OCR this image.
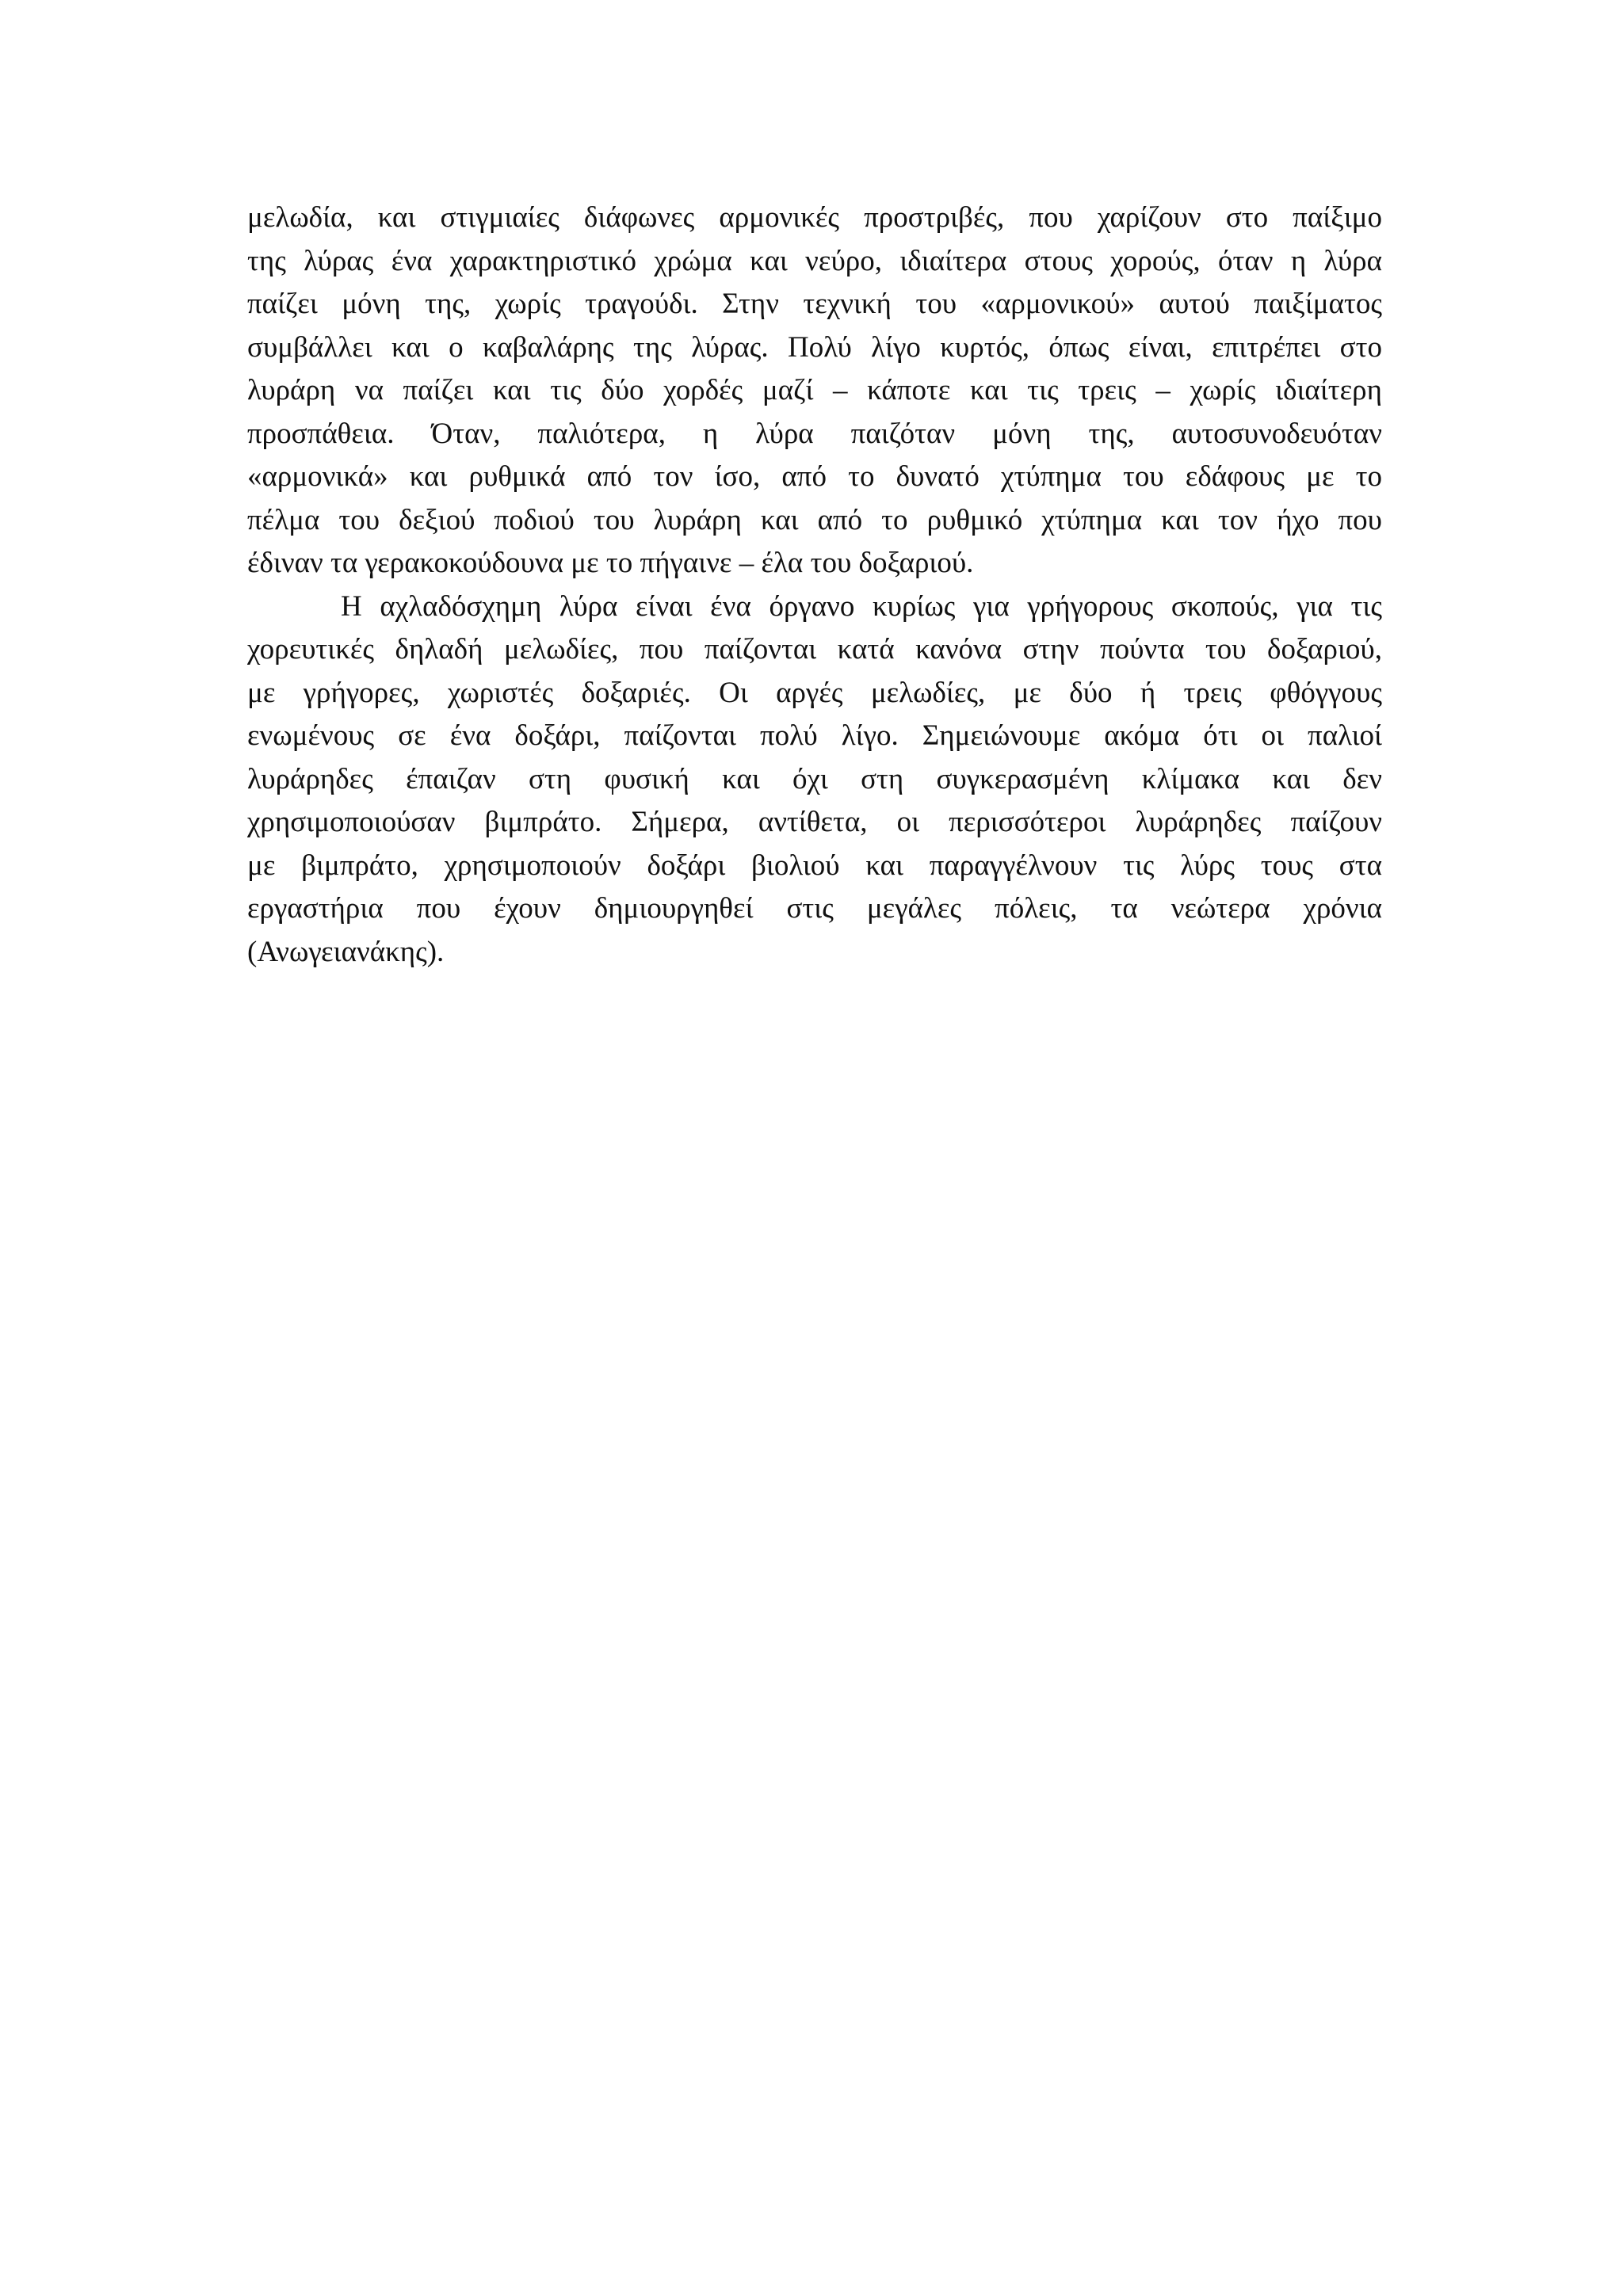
μελωδία, και στιγμιαίες διάφωνες αρμονικές προστριβές, που χαρίζουν στο παίξιμο
της λύρας ένα χαρακτηριστικό χρώμα και νεύρο, ιδιαίτερα στους χορούς, όταν η λύρα
παίζει μόνη της, χωρίς τραγούδι. Στην τεχνική του «αρμονικού» αυτού παιξίματος
συμβάλλει και ο καβαλάρης της λύρας. Πολύ λίγο κυρτός, όπως είναι, επιτρέπει στο
λυράρη να παίζει και τις δύο χορδές μαζί – κάποτε και τις τρεις – χωρίς ιδιαίτερη
προσπάθεια. Όταν, παλιότερα, η λύρα παιζόταν μόνη της, αυτοσυνοδευόταν
«αρμονικά» και ρυθμικά από τον ίσο, από το δυνατό χτύπημα του εδάφους με το
πέλμα του δεξιού ποδιού του λυράρη και από το ρυθμικό χτύπημα και τον ήχο που
έδιναν τα γερακοκούδουνα με το πήγαινε – έλα του δοξαριού.
Η αχλαδόσχημη λύρα είναι ένα όργανο κυρίως για γρήγορους σκοπούς, για τις
χορευτικές δηλαδή μελωδίες, που παίζονται κατά κανόνα στην πούντα του δοξαριού,
με γρήγορες, χωριστές δοξαριές. Οι αργές μελωδίες, με δύο ή τρεις φθόγγους
ενωμένους σε ένα δοξάρι, παίζονται πολύ λίγο. Σημειώνουμε ακόμα ότι οι παλιοί
λυράρηδες έπαιζαν στη φυσική και όχι στη συγκερασμένη κλίμακα και δεν
χρησιμοποιούσαν βιμπράτο. Σήμερα, αντίθετα, οι περισσότεροι λυράρηδες παίζουν
με βιμπράτο, χρησιμοποιούν δοξάρι βιολιού και παραγγέλνουν τις λύρς τους στα
εργαστήρια που έχουν δημιουργηθεί στις μεγάλες πόλεις, τα νεώτερα χρόνια
(Ανωγειανάκης).
